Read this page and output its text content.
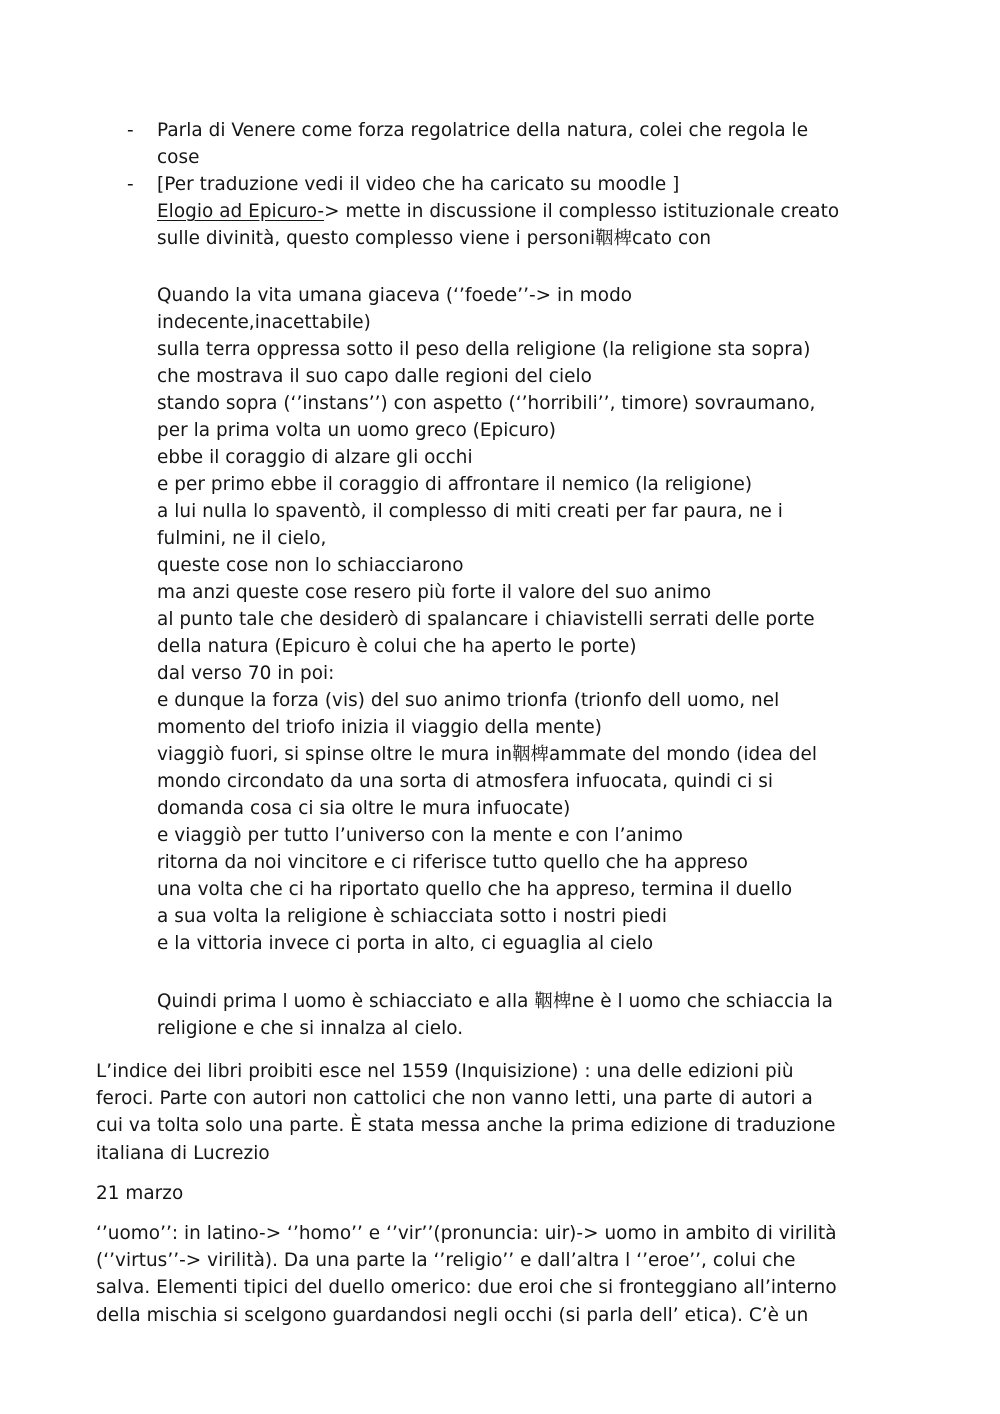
- Parla di Venere come forza regolatrice della natura, colei che regola le
cose
- [Per traduzione vedi il video che ha caricato su moodle ]
Elogio ad Epicuro-> mette in discussione il complesso istituzionale creato
sulle divinità, questo complesso viene i personi鞇椑cato con
Quando la vita umana giaceva (‘’foede’’-> in modo
indecente,inacettabile)
sulla terra oppressa sotto il peso della religione (la religione sta sopra)
che mostrava il suo capo dalle regioni del cielo
stando sopra (‘’instans’’) con aspetto (‘’horribili’’, timore) sovraumano,
per la prima volta un uomo greco (Epicuro)
ebbe il coraggio di alzare gli occhi
e per primo ebbe il coraggio di affrontare il nemico (la religione)
a lui nulla lo spaventò, il complesso di miti creati per far paura, ne i
fulmini, ne il cielo,
queste cose non lo schiacciarono
ma anzi queste cose resero più forte il valore del suo animo
al punto tale che desiderò di spalancare i chiavistelli serrati delle porte
della natura (Epicuro è colui che ha aperto le porte)
dal verso 70 in poi:
e dunque la forza (vis) del suo animo trionfa (trionfo dell uomo, nel
momento del triofo inizia il viaggio della mente)
viaggiò fuori, si spinse oltre le mura in鞇椑ammate del mondo (idea del
mondo circondato da una sorta di atmosfera infuocata, quindi ci si
domanda cosa ci sia oltre le mura infuocate)
e viaggiò per tutto l’universo con la mente e con l’animo
ritorna da noi vincitore e ci riferisce tutto quello che ha appreso
una volta che ci ha riportato quello che ha appreso, termina il duello
a sua volta la religione è schiacciata sotto i nostri piedi
e la vittoria invece ci porta in alto, ci eguaglia al cielo
Quindi prima l uomo è schiacciato e alla 鞇椑ne è l uomo che schiaccia la
religione e che si innalza al cielo.
L’indice dei libri proibiti esce nel 1559 (Inquisizione) : una delle edizioni più
feroci. Parte con autori non cattolici che non vanno letti, una parte di autori a
cui va tolta solo una parte. È stata messa anche la prima edizione di traduzione
italiana di Lucrezio
21 marzo
‘’uomo’’: in latino-> ‘’homo’’ e ‘’vir’’(pronuncia: uir)-> uomo in ambito di virilità
(‘’virtus’’-> virilità). Da una parte la ‘’religio’’ e dall’altra l ‘’eroe’’, colui che
salva. Elementi tipici del duello omerico: due eroi che si fronteggiano all’interno
della mischia si scelgono guardandosi negli occhi (si parla dell’ etica). C’è un
